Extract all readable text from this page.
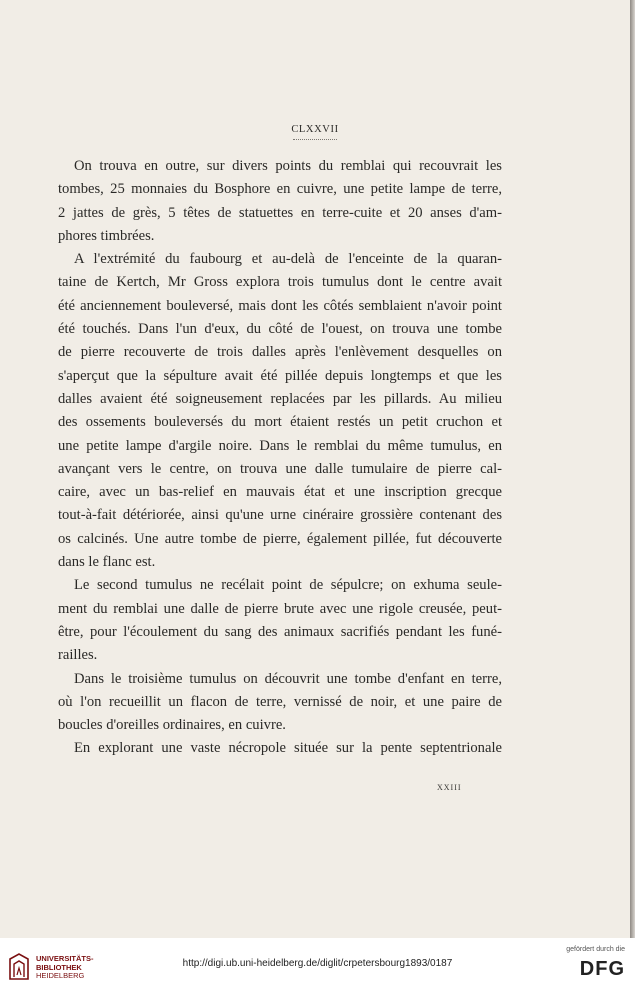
CLXXVII
On trouva en outre, sur divers points du remblai qui recouvrait les
tombes, 25 monnaies du Bosphore en cuivre, une petite lampe de terre,
2 jattes de grès, 5 têtes de statuettes en terre-cuite et 20 anses d'am-
phores timbrées.
A l'extrémité du faubourg et au-delà de l'enceinte de la quaran-
taine de Kertch, Mr Gross explora trois tumulus dont le centre avait
été anciennement bouleversé, mais dont les côtés semblaient n'avoir point
été touchés. Dans l'un d'eux, du côté de l'ouest, on trouva une tombe
de pierre recouverte de trois dalles après l'enlèvement desquelles on
s'aperçut que la sépulture avait été pillée depuis longtemps et que les
dalles avaient été soigneusement replacées par les pillards. Au milieu
des ossements bouleversés du mort étaient restés un petit cruchon et
une petite lampe d'argile noire. Dans le remblai du même tumulus, en
avançant vers le centre, on trouva une dalle tumulaire de pierre cal-
caire, avec un bas-relief en mauvais état et une inscription grecque
tout-à-fait détériorée, ainsi qu'une urne cinéraire grossière contenant des
os calcinés. Une autre tombe de pierre, également pillée, fut découverte
dans le flanc est.
Le second tumulus ne recélait point de sépulcre; on exhuma seule-
ment du remblai une dalle de pierre brute avec une rigole creusée, peut-
être, pour l'écoulement du sang des animaux sacrifiés pendant les funé-
railles.
Dans le troisième tumulus on découvrit une tombe d'enfant en terre,
où l'on recueillit un flacon de terre, vernissé de noir, et une paire de
boucles d'oreilles ordinaires, en cuivre.
En explorant une vaste nécropole située sur la pente septentrionale
XXIII
UNIVERSITÄTS-
BIBLIOTHEK
HEIDELBERG
http://digi.ub.uni-heidelberg.de/diglit/crpetersbourg1893/0187
gefördert durch die
DFG
